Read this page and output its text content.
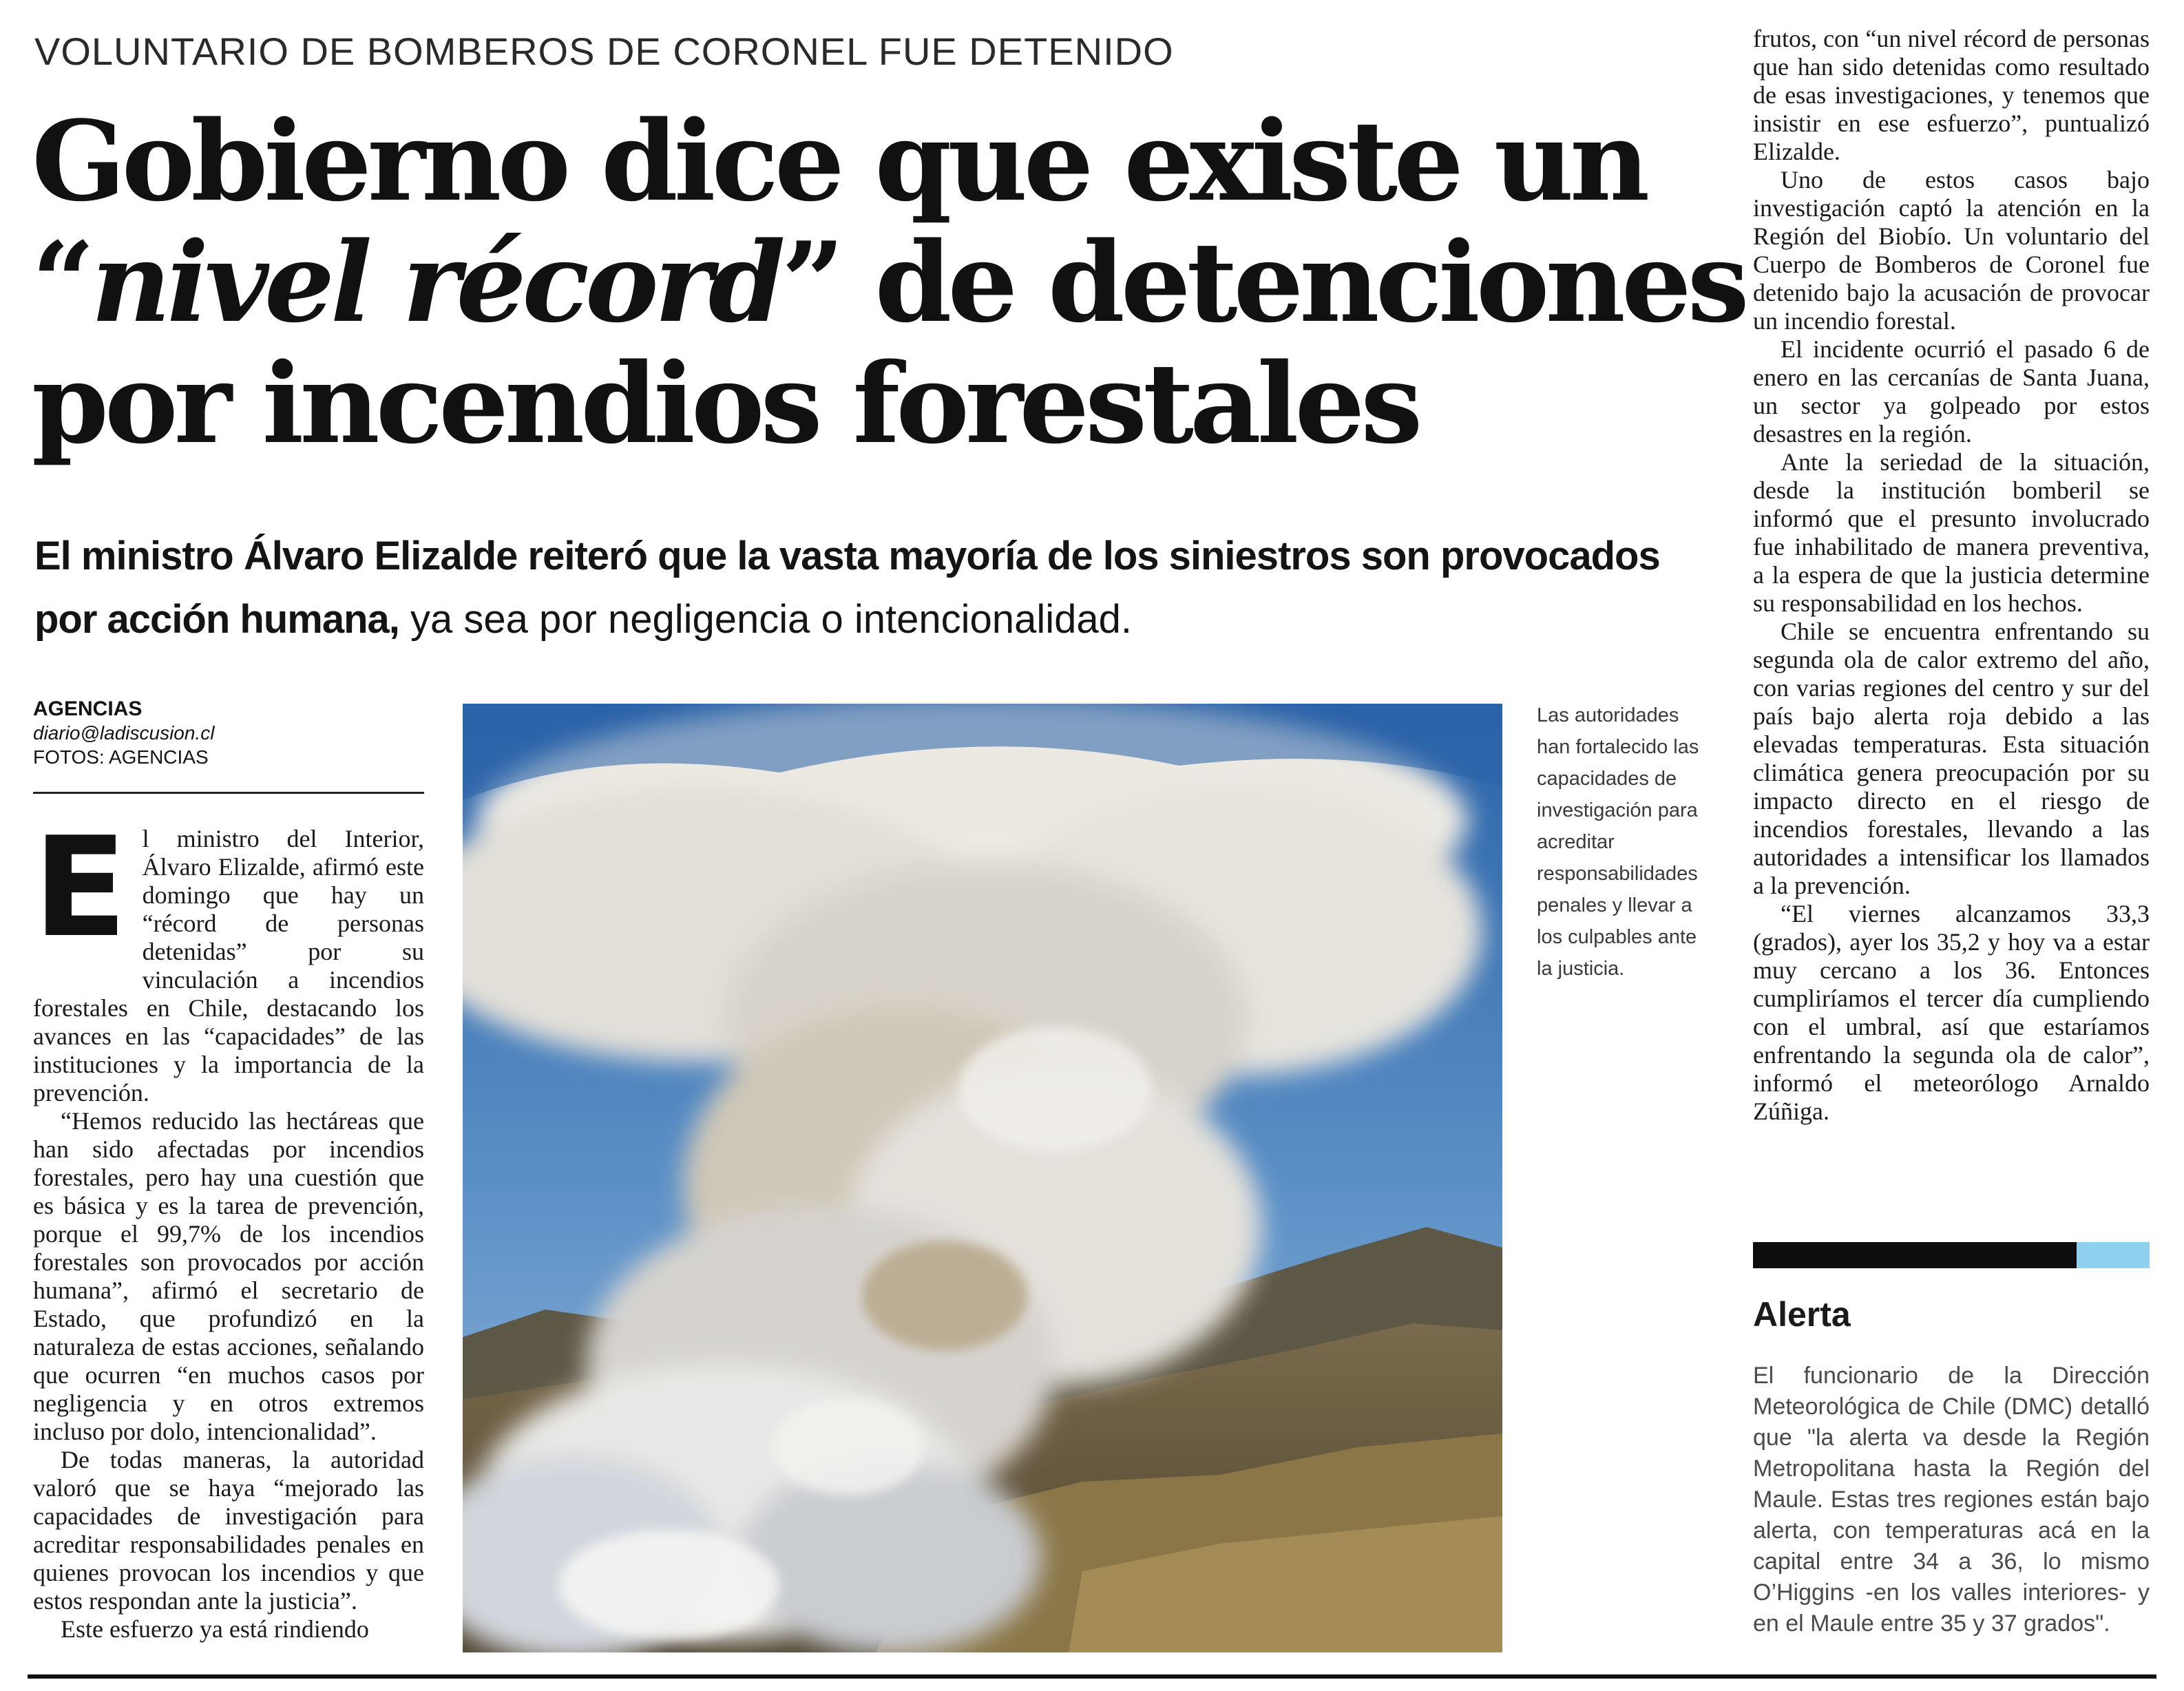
VOLUNTARIO DE BOMBEROS DE CORONEL FUE DETENIDO
Gobierno dice que existe un
“nivel récord” de detenciones
por incendios forestales
El ministro Álvaro Elizalde reiteró que la vasta mayoría de los siniestros son provocados por acción humana, ya sea por negligencia o intencionalidad.
AGENCIAS
diario@ladiscusion.cl
FOTOS: AGENCIAS

El ministro del Interior, Álvaro Elizalde, afirmó este domingo que hay un “récord de personas detenidas” por su vinculación a incendios forestales en Chile, destacando los avances en las “capacidades” de las instituciones y la importancia de la prevención.

“Hemos reducido las hectáreas que han sido afectadas por incendios forestales, pero hay una cuestión que es básica y es la tarea de prevención, porque el 99,7% de los incendios forestales son provocados por acción humana”, afirmó el secretario de Estado, que profundizó en la naturaleza de estas acciones, señalando que ocurren “en muchos casos por negligencia y en otros extremos incluso por dolo, intencionalidad”.

De todas maneras, la autoridad valoró que se haya “mejorado las capacidades de investigación para acreditar responsabilidades penales en quienes provocan los incendios y que estos respondan ante la justicia”.

Este esfuerzo ya está rindiendo

Las autoridades han fortalecido las capacidades de investigación para acreditar responsabilidades penales y llevar a los culpables ante la justicia.

frutos, con “un nivel récord de personas que han sido detenidas como resultado de esas investigaciones, y tenemos que insistir en ese esfuerzo”, puntualizó Elizalde.

Uno de estos casos bajo investigación captó la atención en la Región del Biobío. Un voluntario del Cuerpo de Bomberos de Coronel fue detenido bajo la acusación de provocar un incendio forestal.

El incidente ocurrió el pasado 6 de enero en las cercanías de Santa Juana, un sector ya golpeado por estos desastres en la región.

Ante la seriedad de la situación, desde la institución bomberil se informó que el presunto involucrado fue inhabilitado de manera preventiva, a la espera de que la justicia determine su responsabilidad en los hechos.

Chile se encuentra enfrentando su segunda ola de calor extremo del año, con varias regiones del centro y sur del país bajo alerta roja debido a las elevadas temperaturas. Esta situación climática genera preocupación por su impacto directo en el riesgo de incendios forestales, llevando a las autoridades a intensificar los llamados a la prevención.

“El viernes alcanzamos 33,3 (grados), ayer los 35,2 y hoy va a estar muy cercano a los 36. Entonces cumpliríamos el tercer día cumpliendo con el umbral, así que estaríamos enfrentando la segunda ola de calor”, informó el meteorólogo Arnaldo Zúñiga.

Alerta
El funcionario de la Dirección Meteorológica de Chile (DMC) detalló que "la alerta va desde la Región Metropolitana hasta la Región del Maule. Estas tres regiones están bajo alerta, con temperaturas acá en la capital entre 34 a 36, lo mismo O’Higgins -en los valles interiores- y en el Maule entre 35 y 37 grados".
